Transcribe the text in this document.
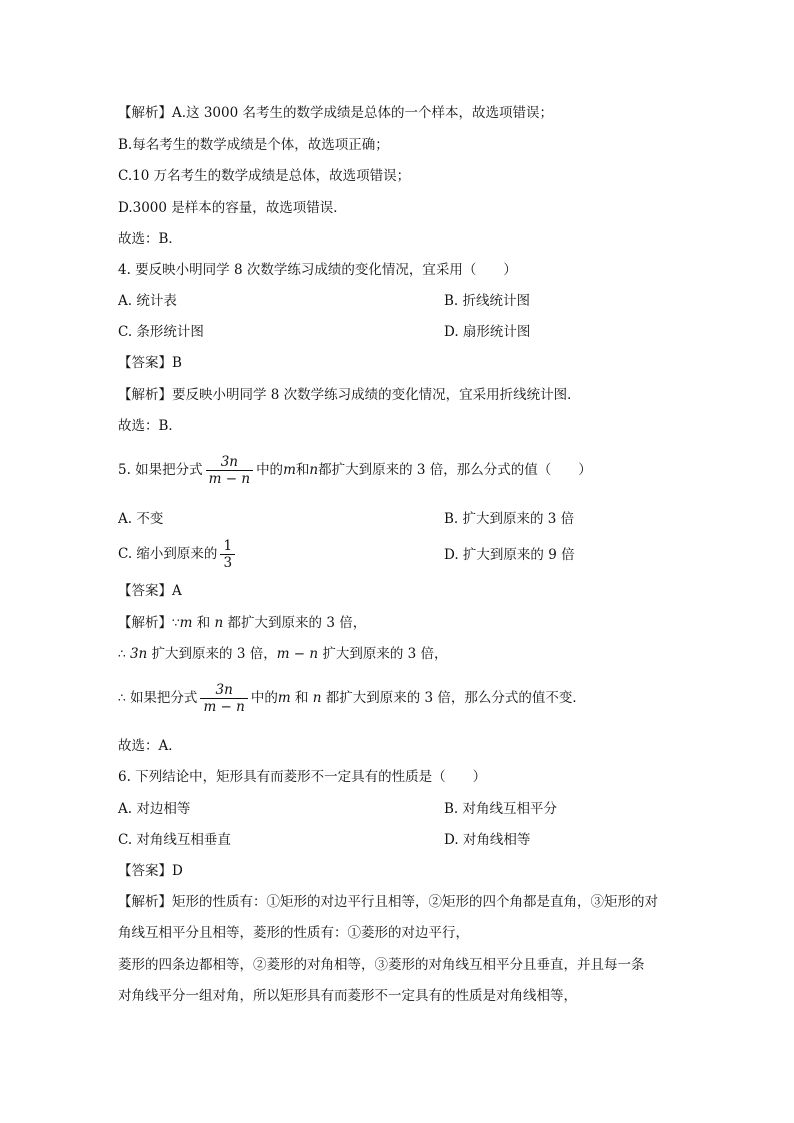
【解析】A.这 3000 名考生的数学成绩是总体的一个样本，故选项错误；
B.每名考生的数学成绩是个体，故选项正确；
C.10 万名考生的数学成绩是总体，故选项错误；
D.3000 是样本的容量，故选项错误．
故选：B．
4. 要反映小明同学 8 次数学练习成绩的变化情况，宜采用（　　）
A. 统计表	B. 折线统计图
C. 条形统计图	D. 扇形统计图
【答案】B
【解析】要反映小明同学 8 次数学练习成绩的变化情况，宜采用折线统计图．
故选：B．
5. 如果把分式 $\frac{3n}{m - n}$ 中的m和n都扩大到原来的 3 倍，那么分式的值（　　）
A. 不变	B. 扩大到原来的 3 倍
C. 缩小到原来的 $\frac{1}{3}$	D. 扩大到原来的 9 倍
【答案】A
【解析】∵m 和 n 都扩大到原来的 3 倍，
∴ 3n 扩大到原来的 3 倍，m − n 扩大到原来的 3 倍，
∴ 如果把分式 $\frac{3n}{m - n}$ 中的m 和 n 都扩大到原来的 3 倍，那么分式的值不变．
故选：A．
6. 下列结论中，矩形具有而菱形不一定具有的性质是（　　）
A. 对边相等	B. 对角线互相平分
C. 对角线互相垂直	D. 对角线相等
【答案】D
【解析】矩形的性质有：①矩形的对边平行且相等，②矩形的四个角都是直角，③矩形的对
角线互相平分且相等，菱形的性质有：①菱形的对边平行，
菱形的四条边都相等，②菱形的对角相等，③菱形的对角线互相平分且垂直，并且每一条
对角线平分一组对角，所以矩形具有而菱形不一定具有的性质是对角线相等，
